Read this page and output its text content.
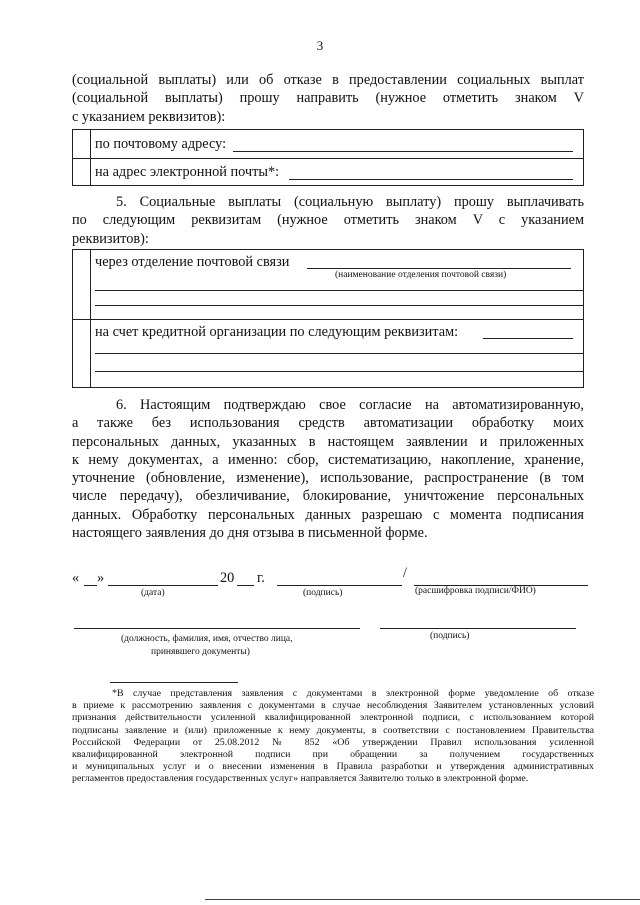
3
(социальной выплаты) или об отказе в предоставлении социальных выплат
(социальной выплаты) прошу направить (нужное отметить знаком V
с указанием реквизитов):
по почтовому адресу:
на адрес электронной почты*:
5. Социальные выплаты (социальную выплату) прошу выплачивать
по следующим реквизитам (нужное отметить знаком V с указанием
реквизитов):
через отделение почтовой связи
(наименование отделения почтовой связи)
на счет кредитной организации по следующим реквизитам:
6. Настоящим подтверждаю свое согласие на автоматизированную,
а также без использования средств автоматизации обработку моих
персональных данных, указанных в настоящем заявлении и приложенных
к нему документах, а именно: сбор, систематизацию, накопление, хранение,
уточнение (обновление, изменение), использование, распространение (в том
числе передачу), обезличивание, блокирование, уничтожение персональных
данных. Обработку персональных данных разрешаю с момента подписания
настоящего заявления до дня отзыва в письменной форме.
« »	20 г.	/
(дата)	(подпись)	(расшифровка подписи/ФИО)
(должность, фамилия, имя, отчество лица,
принявшего документы)
(подпись)
*В случае представления заявления с документами в электронной форме уведомление об отказе
в приеме к рассмотрению заявления с документами в случае несоблюдения Заявителем установленных условий
признания действительности усиленной квалифицированной электронной подписи, с использованием которой
подписаны заявление и (или) приложенные к нему документы, в соответствии с постановлением Правительства
Российской Федерации от 25.08.2012 № 852 «Об утверждении Правил использования усиленной
квалифицированной электронной подписи при обращении за получением государственных
и муниципальных услуг и о внесении изменения в Правила разработки и утверждения административных
регламентов предоставления государственных услуг» направляется Заявителю только в электронной форме.
